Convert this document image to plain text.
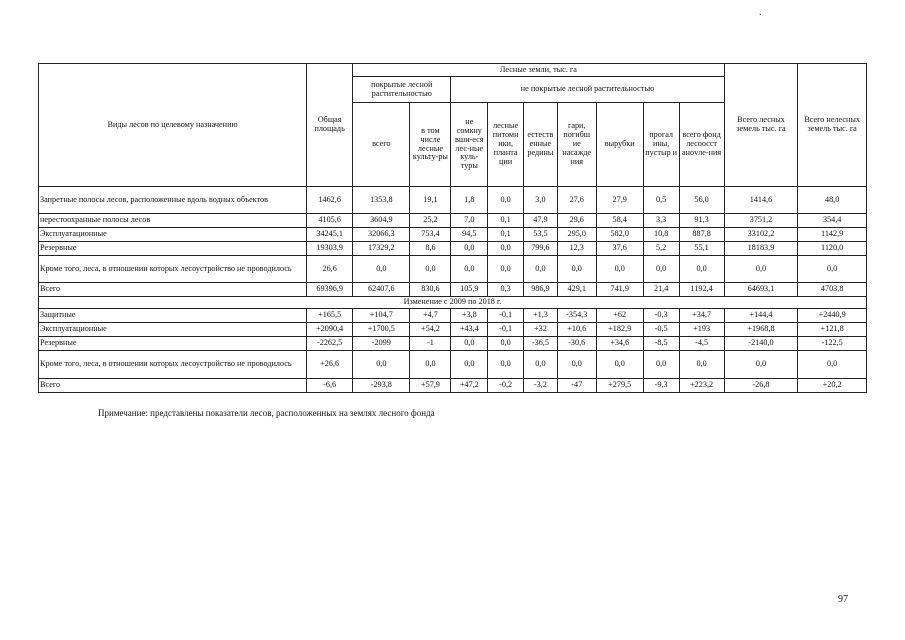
.
Виды лесов по целевому назначению	Общая площадь	Лесные земли, тыс. га									Всего лесных земель тыс. га	Всего нелесных земель тыс. га
		покрытые лесной растительностью		не покрытые лесной растительностью								
		всего	в том числе лесные культу-ры	не сомкну вши-еся лес-ные куль-туры	лесные питомн ики, планта ции	естеств енные редины	гари, погибш ие насажде ния	вырубки	прогал ины, пустыр и	всего фонд лесоосст анovле-ния		
Запретные полосы лесов, расположенные вдоль водных объектов	1462,6	1353,8	19,1	1,8	0,0	3,0	27,6	27,9	0,5	56,0	1414,6	48,0
нерестоохранные полосы лесов	4105,6	3604,9	25,2	7,0	0,1	47,9	29,6	58,4	3,3	91,3	3751,2	354,4
Эксплуатационные	34245,1	32066,3	753,4	94,5	0,1	53,5	295,0	582,0	10,8	887,8	33102,2	1142,9
Резервные	19303,9	17329,2	8,6	0,0	0,0	799,6	12,3	37,6	5,2	55,1	18183,9	1120,0
Кроме того, леса, в отношении которых лесоустройство не проводилось	26,6	0,0	0,0	0,0	0,0	0,0	0,0	0,0	0,0	0,0	0,0	0,0
Всего	69396,9	62407,6	830,6	105,9	0,3	986,9	429,1	741,9	21,4	1192,4	64693,1	4703,8
Изменение с 2009 по 2018 г.												
Защитные	+165,5	+104,7	+4,7	+3,8	-0,1	+1,3	-354,3	+62	-0,3	+34,7	+144,4	+2440,9
Эксплуатационные	+2090,4	+1700,5	+54,2	+43,4	-0,1	+32	+10,6	+182,9	-0,5	+193	+1968,8	+121,8
Резервные	-2262,5	-2099	-1	0,0	0,0	-36,5	-30,6	+34,6	-8,5	-4,5	-2140,0	-122,5
Кроме того, леса, в отношении которых лесоустройство не проводилось	+26,6	0,0	0,0	0,0	0,0	0,0	0,0	0,0	0,0	0,0	0,0	0,0
Всего	-6,6	-293,8	+57,9	+47,2	-0,2	-3,2	-47	+279,5	-9,3	+223,2	-26,8	+20,2
Примечание: представлены показатели лесов, расположенных на землях лесного фонда
97
